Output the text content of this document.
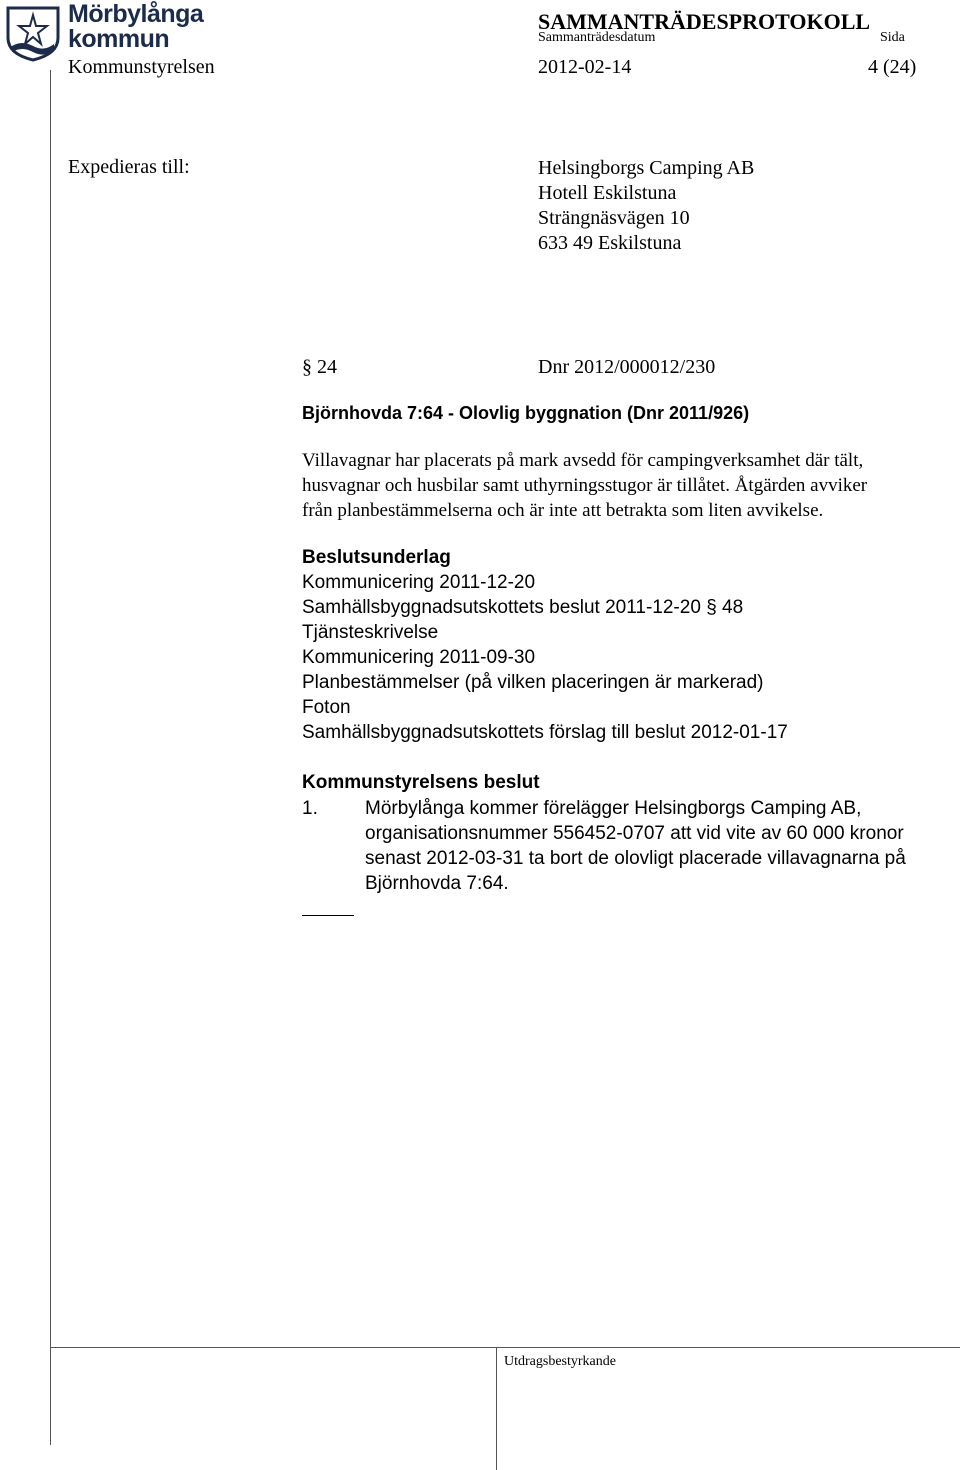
Mörbylånga
kommun
SAMMANTRÄDESPROTOKOLL
Sammanträdesdatum	Sida
Kommunstyrelsen	2012-02-14	4 (24)
Expedieras till:	Helsingborgs Camping AB
Hotell Eskilstuna
Strängnäsvägen 10
633 49 Eskilstuna
§ 24	Dnr 2012/000012/230
Björnhovda 7:64 - Olovlig byggnation (Dnr 2011/926)
Villavagnar har placerats på mark avsedd för campingverksamhet där tält,
husvagnar och husbilar samt uthyrningsstugor är tillåtet. Åtgärden avviker
från planbestämmelserna och är inte att betrakta som liten avvikelse.
Beslutsunderlag
Kommunicering 2011-12-20
Samhällsbyggnadsutskottets beslut 2011-12-20 § 48
Tjänsteskrivelse
Kommunicering 2011-09-30
Planbestämmelser (på vilken placeringen är markerad)
Foton
Samhällsbyggnadsutskottets förslag till beslut 2012-01-17
Kommunstyrelsens beslut
1. Mörbylånga kommer förelägger Helsingborgs Camping AB,
organisationsnummer 556452-0707 att vid vite av 60 000 kronor
senast 2012-03-31 ta bort de olovligt placerade villavagnarna på
Björnhovda 7:64.
Utdragsbestyrkande
